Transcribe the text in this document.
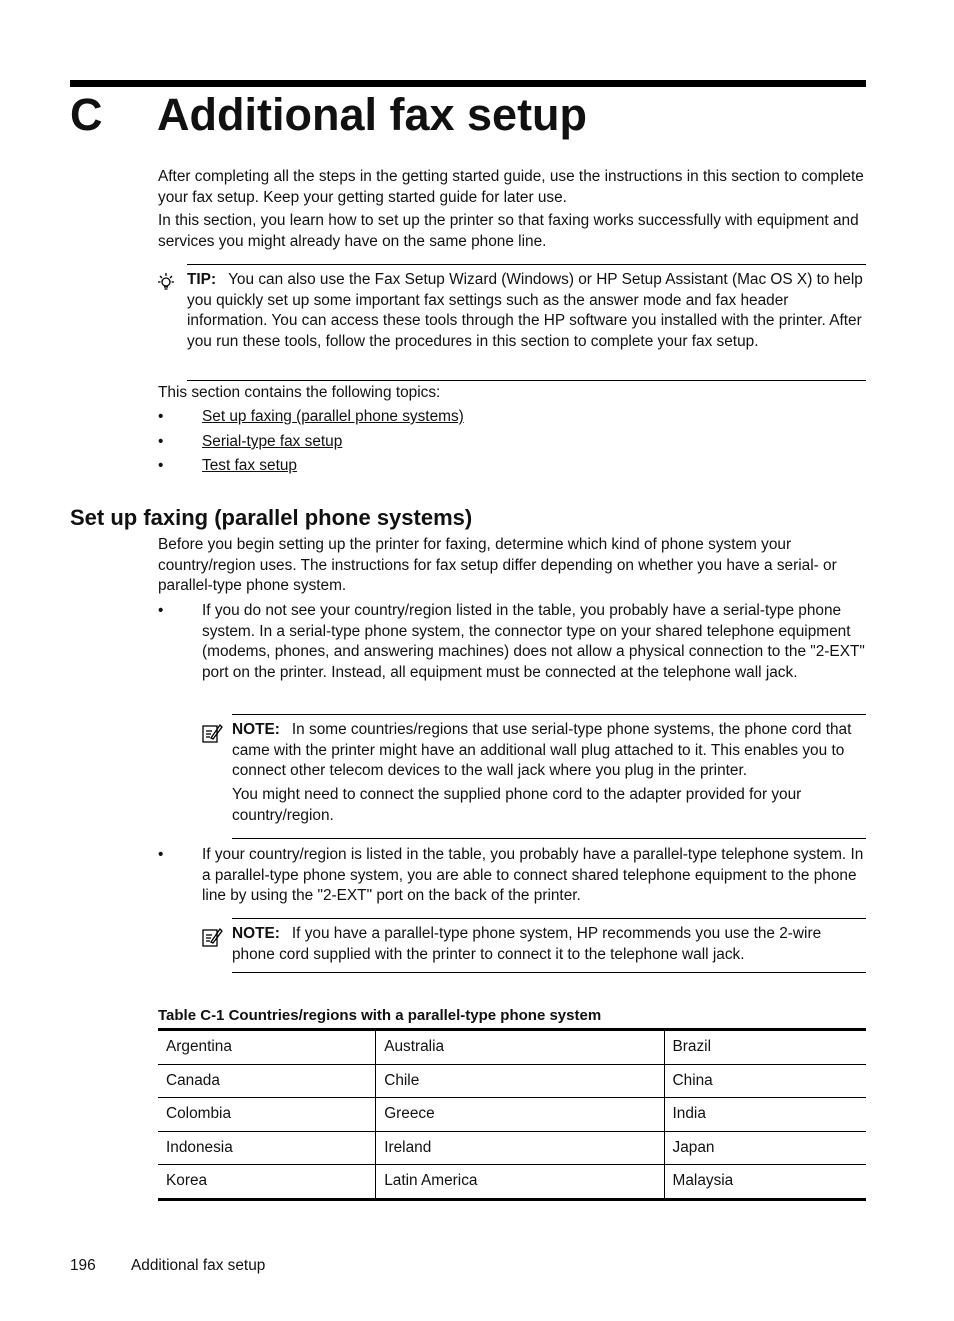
C Additional fax setup

After completing all the steps in the getting started guide, use the instructions in this section to complete your fax setup. Keep your getting started guide for later use.

In this section, you learn how to set up the printer so that faxing works successfully with equipment and services you might already have on the same phone line.

TIP: You can also use the Fax Setup Wizard (Windows) or HP Setup Assistant (Mac OS X) to help you quickly set up some important fax settings such as the answer mode and fax header information. You can access these tools through the HP software you installed with the printer. After you run these tools, follow the procedures in this section to complete your fax setup.

This section contains the following topics:

•	Set up faxing (parallel phone systems)
•	Serial-type fax setup
•	Test fax setup
Set up faxing (parallel phone systems)

Before you begin setting up the printer for faxing, determine which kind of phone system your country/region uses. The instructions for fax setup differ depending on whether you have a serial- or parallel-type phone system.

•	If you do not see your country/region listed in the table, you probably have a serial-type phone system. In a serial-type phone system, the connector type on your shared telephone equipment (modems, phones, and answering machines) does not allow a physical connection to the "2-EXT" port on the printer. Instead, all equipment must be connected at the telephone wall jack.

NOTE: In some countries/regions that use serial-type phone systems, the phone cord that came with the printer might have an additional wall plug attached to it. This enables you to connect other telecom devices to the wall jack where you plug in the printer.

You might need to connect the supplied phone cord to the adapter provided for your country/region.

•	If your country/region is listed in the table, you probably have a parallel-type telephone system. In a parallel-type phone system, you are able to connect shared telephone equipment to the phone line by using the "2-EXT" port on the back of the printer.

NOTE: If you have a parallel-type phone system, HP recommends you use the 2-wire phone cord supplied with the printer to connect it to the telephone wall jack.

Table C-1 Countries/regions with a parallel-type phone system
Argentina	Australia	Brazil
Canada	Chile	China
Colombia	Greece	India
Indonesia	Ireland	Japan
Korea	Latin America	Malaysia
196 Additional fax setup
